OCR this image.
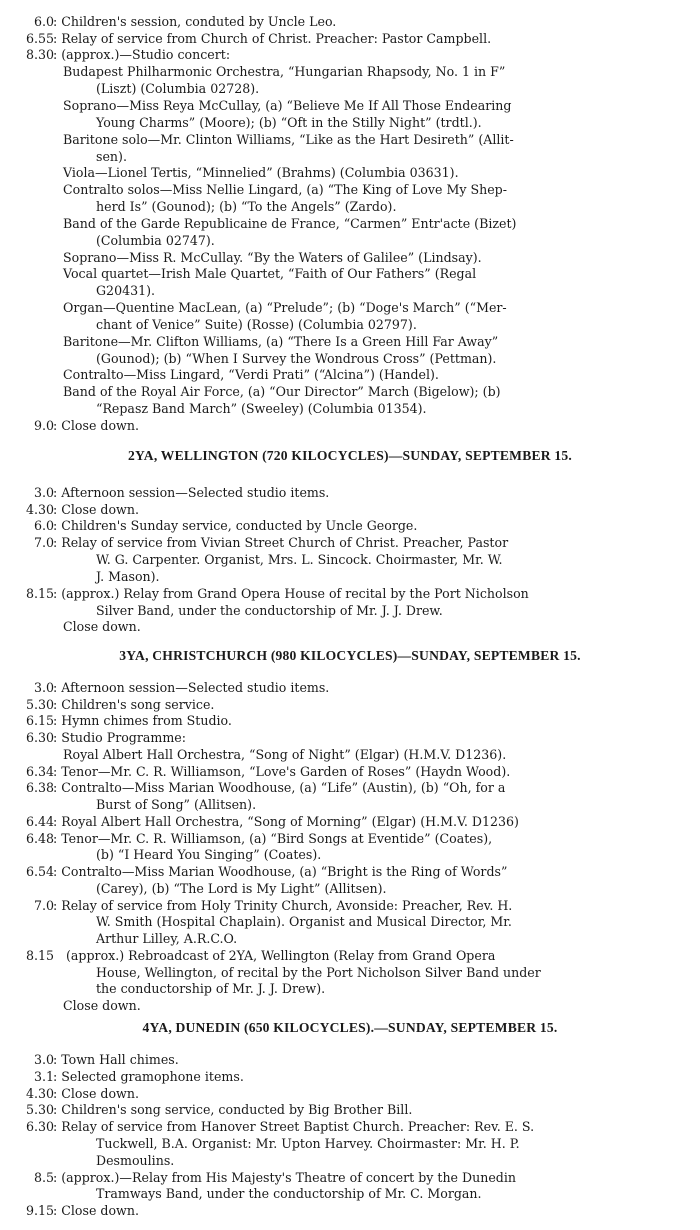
6.0 : Children's session, conduted by Uncle Leo.
6.55 : Relay of service from Church of Christ. Preacher: Pastor Campbell.
8.30 : (approx.)—Studio concert:
Budapest Philharmonic Orchestra, “Hungarian Rhapsody, No. 1 in F”
(Liszt) (Columbia 02728).
Soprano—Miss Reya McCullay, (a) “Believe Me If All Those Endearing
Young Charms” (Moore); (b) “Oft in the Stilly Night” (trdtl.).
Baritone solo—Mr. Clinton Williams, “Like as the Hart Desireth” (Allit-
sen).
Viola—Lionel Tertis, “Minnelied” (Brahms) (Columbia 03631).
Contralto solos—Miss Nellie Lingard, (a) “The King of Love My Shep-
herd Is” (Gounod); (b) “To the Angels” (Zardo).
Band of the Garde Republicaine de France, “Carmen” Entr'acte (Bizet)
(Columbia 02747).
Soprano—Miss R. McCullay. “By the Waters of Galilee” (Lindsay).
Vocal quartet—Irish Male Quartet, “Faith of Our Fathers” (Regal
G20431).
Organ—Quentine MacLean, (a) “Prelude”; (b) “Doge's March” (“Mer-
chant of Venice” Suite) (Rosse) (Columbia 02797).
Baritone—Mr. Clifton Williams, (a) “There Is a Green Hill Far Away”
(Gounod); (b) “When I Survey the Wondrous Cross” (Pettman).
Contralto—Miss Lingard, “Verdi Prati” (“Alcina”) (Handel).
Band of the Royal Air Force, (a) “Our Director” March (Bigelow); (b)
“Repasz Band March” (Sweeley) (Columbia 01354).
9.0 : Close down.
2YA, WELLINGTON (720 KILOCYCLES)—SUNDAY, SEPTEMBER 15.
3.0 : Afternoon session—Selected studio items.
4.30 : Close down.
6.0 : Children's Sunday service, conducted by Uncle George.
7.0 : Relay of service from Vivian Street Church of Christ. Preacher, Pastor
W. G. Carpenter. Organist, Mrs. L. Sincock. Choirmaster, Mr. W.
J. Mason).
8.15 : (approx.) Relay from Grand Opera House of recital by the Port Nicholson
Silver Band, under the conductorship of Mr. J. J. Drew.
Close down.
3YA, CHRISTCHURCH (980 KILOCYCLES)—SUNDAY, SEPTEMBER 15.
3.0 : Afternoon session—Selected studio items.
5.30 : Children's song service.
6.15 : Hymn chimes from Studio.
6.30 : Studio Programme:
Royal Albert Hall Orchestra, “Song of Night” (Elgar) (H.M.V. D1236).
6.34 : Tenor—Mr. C. R. Williamson, “Love's Garden of Roses” (Haydn Wood).
6.38 : Contralto—Miss Marian Woodhouse, (a) “Life” (Austin), (b) “Oh, for a
Burst of Song” (Allitsen).
6.44 : Royal Albert Hall Orchestra, “Song of Morning” (Elgar) (H.M.V. D1236)
6.48 : Tenor—Mr. C. R. Williamson, (a) “Bird Songs at Eventide” (Coates),
(b) “I Heard You Singing” (Coates).
6.54 : Contralto—Miss Marian Woodhouse, (a) “Bright is the Ring of Words”
(Carey), (b) “The Lord is My Light” (Allitsen).
7.0 : Relay of service from Holy Trinity Church, Avonside: Preacher, Rev. H.
W. Smith (Hospital Chaplain). Organist and Musical Director, Mr.
Arthur Lilley, A.R.C.O.
8.15 (approx.) Rebroadcast of 2YA, Wellington (Relay from Grand Opera
House, Wellington, of recital by the Port Nicholson Silver Band under
the conductorship of Mr. J. J. Drew).
Close down.
4YA, DUNEDIN (650 KILOCYCLES).—SUNDAY, SEPTEMBER 15.
3.0 : Town Hall chimes.
3.1 : Selected gramophone items.
4.30 : Close down.
5.30 : Children's song service, conducted by Big Brother Bill.
6.30 : Relay of service from Hanover Street Baptist Church. Preacher: Rev. E. S.
Tuckwell, B.A. Organist: Mr. Upton Harvey. Choirmaster: Mr. H. P.
Desmoulins.
8.5 : (approx.)—Relay from His Majesty's Theatre of concert by the Dunedin
Tramways Band, under the conductorship of Mr. C. Morgan.
9.15 : Close down.
